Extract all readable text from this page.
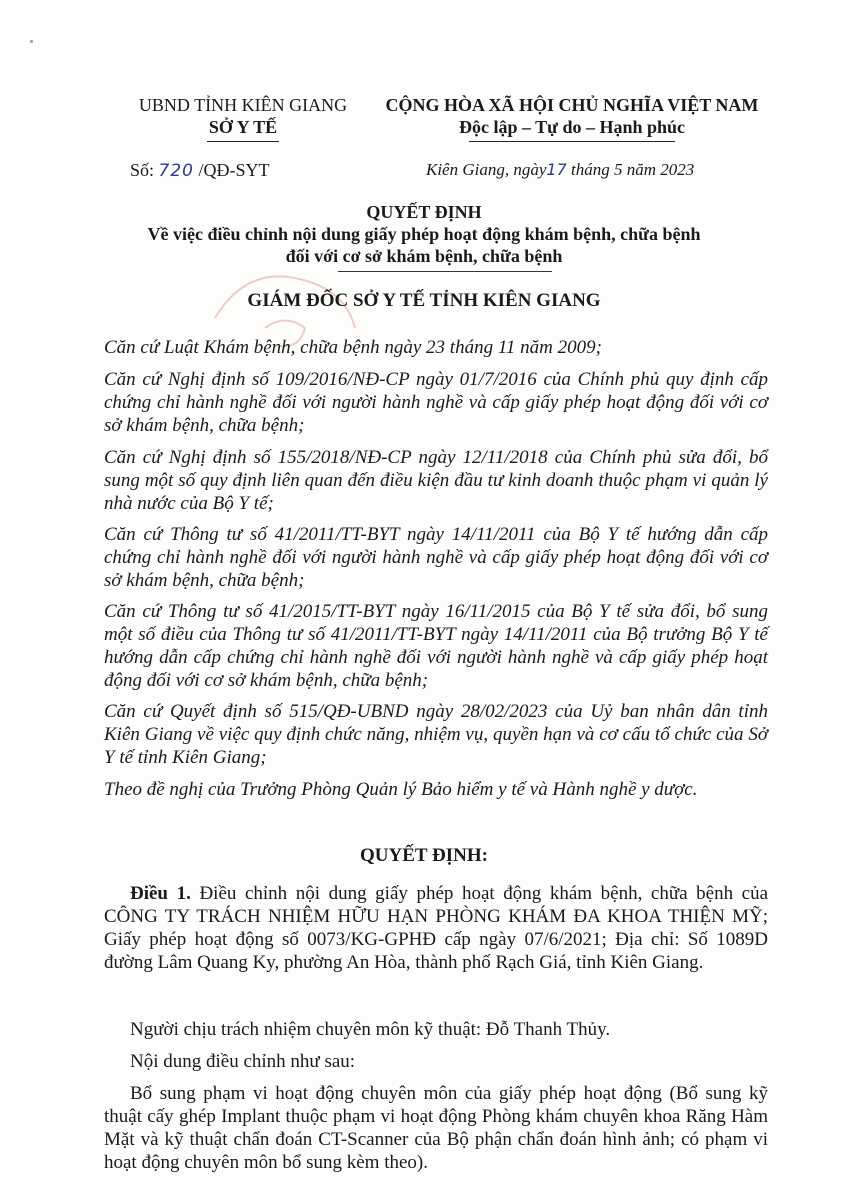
UBND TỈNH KIÊN GIANG
SỞ Y TẾ
CỘNG HÒA XÃ HỘI CHỦ NGHĨA VIỆT NAM
Độc lập – Tự do – Hạnh phúc
Số: 720 /QĐ-SYT	Kiên Giang, ngày17 tháng 5 năm 2023
QUYẾT ĐỊNH
Về việc điều chỉnh nội dung giấy phép hoạt động khám bệnh, chữa bệnh
đối với cơ sở khám bệnh, chữa bệnh
GIÁM ĐỐC SỞ Y TẾ TỈNH KIÊN GIANG

Căn cứ Luật Khám bệnh, chữa bệnh ngày 23 tháng 11 năm 2009;

Căn cứ Nghị định số 109/2016/NĐ-CP ngày 01/7/2016 của Chính phủ quy định cấp chứng chỉ hành nghề đối với người hành nghề và cấp giấy phép hoạt động đối với cơ sở khám bệnh, chữa bệnh;

Căn cứ Nghị định số 155/2018/NĐ-CP ngày 12/11/2018 của Chính phủ sửa đổi, bổ sung một số quy định liên quan đến điều kiện đầu tư kinh doanh thuộc phạm vi quản lý nhà nước của Bộ Y tế;

Căn cứ Thông tư số 41/2011/TT-BYT ngày 14/11/2011 của Bộ Y tế hướng dẫn cấp chứng chỉ hành nghề đối với người hành nghề và cấp giấy phép hoạt động đối với cơ sở khám bệnh, chữa bệnh;

Căn cứ Thông tư số 41/2015/TT-BYT ngày 16/11/2015 của Bộ Y tế sửa đổi, bổ sung một số điều của Thông tư số 41/2011/TT-BYT ngày 14/11/2011 của Bộ trưởng Bộ Y tế hướng dẫn cấp chứng chỉ hành nghề đối với người hành nghề và cấp giấy phép hoạt động đối với cơ sở khám bệnh, chữa bệnh;

Căn cứ Quyết định số 515/QĐ-UBND ngày 28/02/2023 của Uỷ ban nhân dân tỉnh Kiên Giang về việc quy định chức năng, nhiệm vụ, quyền hạn và cơ cấu tổ chức của Sở Y tế tỉnh Kiên Giang;

Theo đề nghị của Trưởng Phòng Quản lý Bảo hiểm y tế và Hành nghề y dược.

QUYẾT ĐỊNH:

Điều 1. Điều chỉnh nội dung giấy phép hoạt động khám bệnh, chữa bệnh của CÔNG TY TRÁCH NHIỆM HỮU HẠN PHÒNG KHÁM ĐA KHOA THIỆN MỸ; Giấy phép hoạt động số 0073/KG-GPHĐ cấp ngày 07/6/2021; Địa chỉ: Số 1089D đường Lâm Quang Ky, phường An Hòa, thành phố Rạch Giá, tỉnh Kiên Giang.

Người chịu trách nhiệm chuyên môn kỹ thuật: Đỗ Thanh Thủy.

Nội dung điều chỉnh như sau:

Bổ sung phạm vi hoạt động chuyên môn của giấy phép hoạt động (Bổ sung kỹ thuật cấy ghép Implant thuộc phạm vi hoạt động Phòng khám chuyên khoa Răng Hàm Mặt và kỹ thuật chẩn đoán CT-Scanner của Bộ phận chẩn đoán hình ảnh; có phạm vi hoạt động chuyên môn bổ sung kèm theo).
